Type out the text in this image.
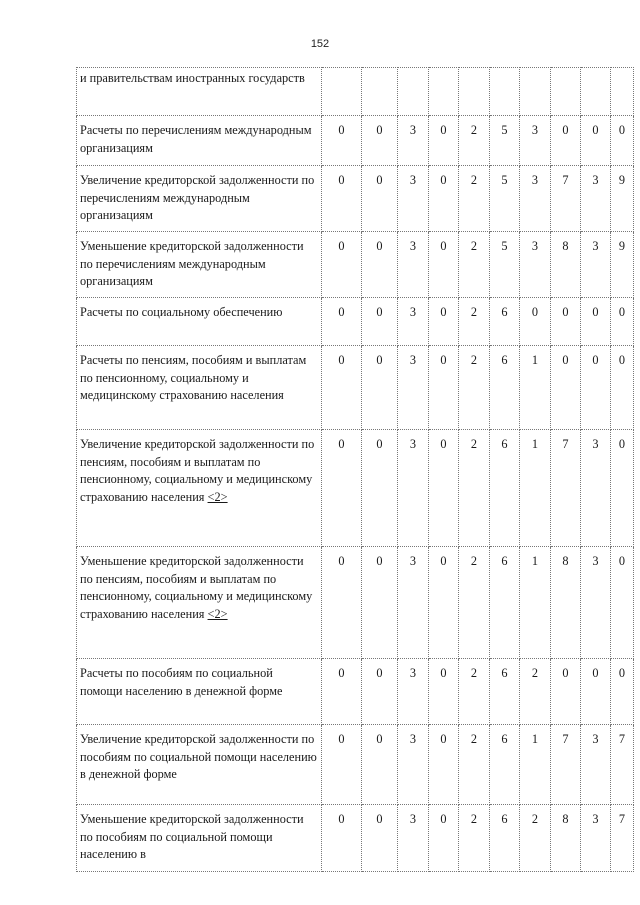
152
и правительствам иностранных государств										
Расчеты по перечислениям международным организациям	0	0	3	0	2	5	3	0	0	0
Увеличение кредиторской задолженности по перечислениям международным организациям	0	0	3	0	2	5	3	7	3	9
Уменьшение кредиторской задолженности по перечислениям международным организациям	0	0	3	0	2	5	3	8	3	9
Расчеты по социальному обеспечению	0	0	3	0	2	6	0	0	0	0
Расчеты по пенсиям, пособиям и выплатам по пенсионному, социальному и медицинскому страхованию населения	0	0	3	0	2	6	1	0	0	0
Увеличение кредиторской задолженности по пенсиям, пособиям и выплатам по пенсионному, социальному и медицинскому страхованию населения <2>	0	0	3	0	2	6	1	7	3	0
Уменьшение кредиторской задолженности по пенсиям, пособиям и выплатам по пенсионному, социальному и медицинскому страхованию населения <2>	0	0	3	0	2	6	1	8	3	0
Расчеты по пособиям по социальной помощи населению в денежной форме	0	0	3	0	2	6	2	0	0	0
Увеличение кредиторской задолженности по пособиям по социальной помощи населению в денежной форме	0	0	3	0	2	6	1	7	3	7
Уменьшение кредиторской задолженности по пособиям по социальной помощи населению в	0	0	3	0	2	6	2	8	3	7
